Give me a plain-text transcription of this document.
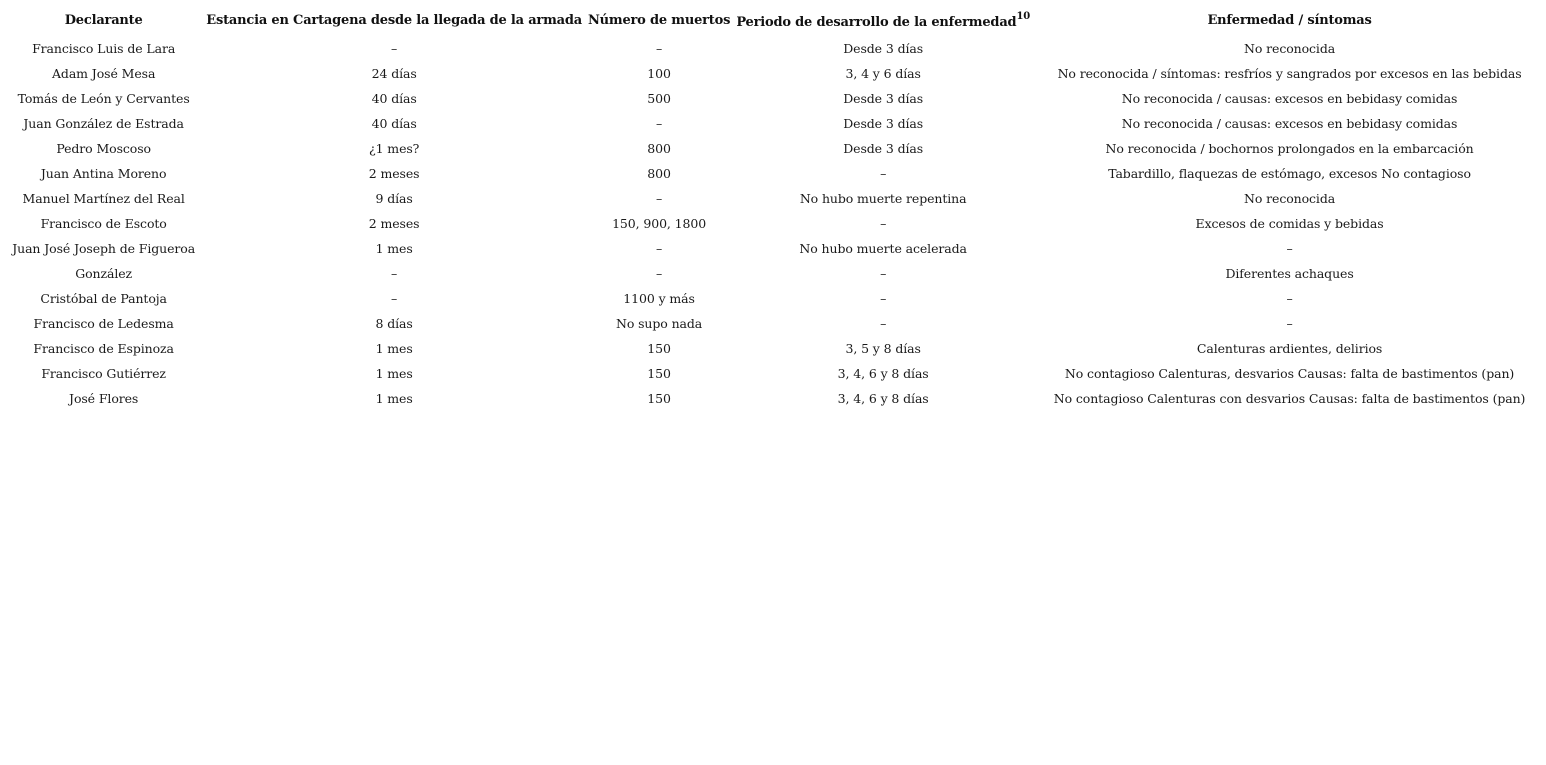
Declarante	Estancia en Cartagena desde la llegada de la armada	Número de muertos	Periodo de desarrollo de la enfermedad$^{10}$	Enfermedad / síntomas
Francisco Luis de Lara	–	–	Desde 3 días	No reconocida
Adam José Mesa	24 días	100	3, 4 y 6 días	No reconocida / síntomas: resfríos y sangrados por excesos en las bebidas
Tomás de León y Cervantes	40 días	500	Desde 3 días	No reconocida / causas: excesos en bebidasy comidas
Juan González de Estrada	40 días	–	Desde 3 días	No reconocida / causas: excesos en bebidasy comidas
Pedro Moscoso	¿1 mes?	800	Desde 3 días	No reconocida / bochornos prolongados en la embarcación
Juan Antina Moreno	2 meses	800	–	Tabardillo, flaquezas de estómago, excesos No contagioso
Manuel Martínez del Real	9 días	–	No hubo muerte repentina	No reconocida
Francisco de Escoto	2 meses	150, 900, 1800	–	Excesos de comidas y bebidas
Juan José Joseph de Figueroa	1 mes	–	No hubo muerte acelerada	–
González	–	–	–	Diferentes achaques
Cristóbal de Pantoja	–	1100 y más	–	–
Francisco de Ledesma	8 días	No supo nada	–	–
Francisco de Espinoza	1 mes	150	3, 5 y 8 días	Calenturas ardientes, delirios
Francisco Gutiérrez	1 mes	150	3, 4, 6 y 8 días	No contagioso Calenturas, desvarios Causas: falta de bastimentos (pan)
José Flores	1 mes	150	3, 4, 6 y 8 días	No contagioso Calenturas con desvarios Causas: falta de bastimentos (pan)
